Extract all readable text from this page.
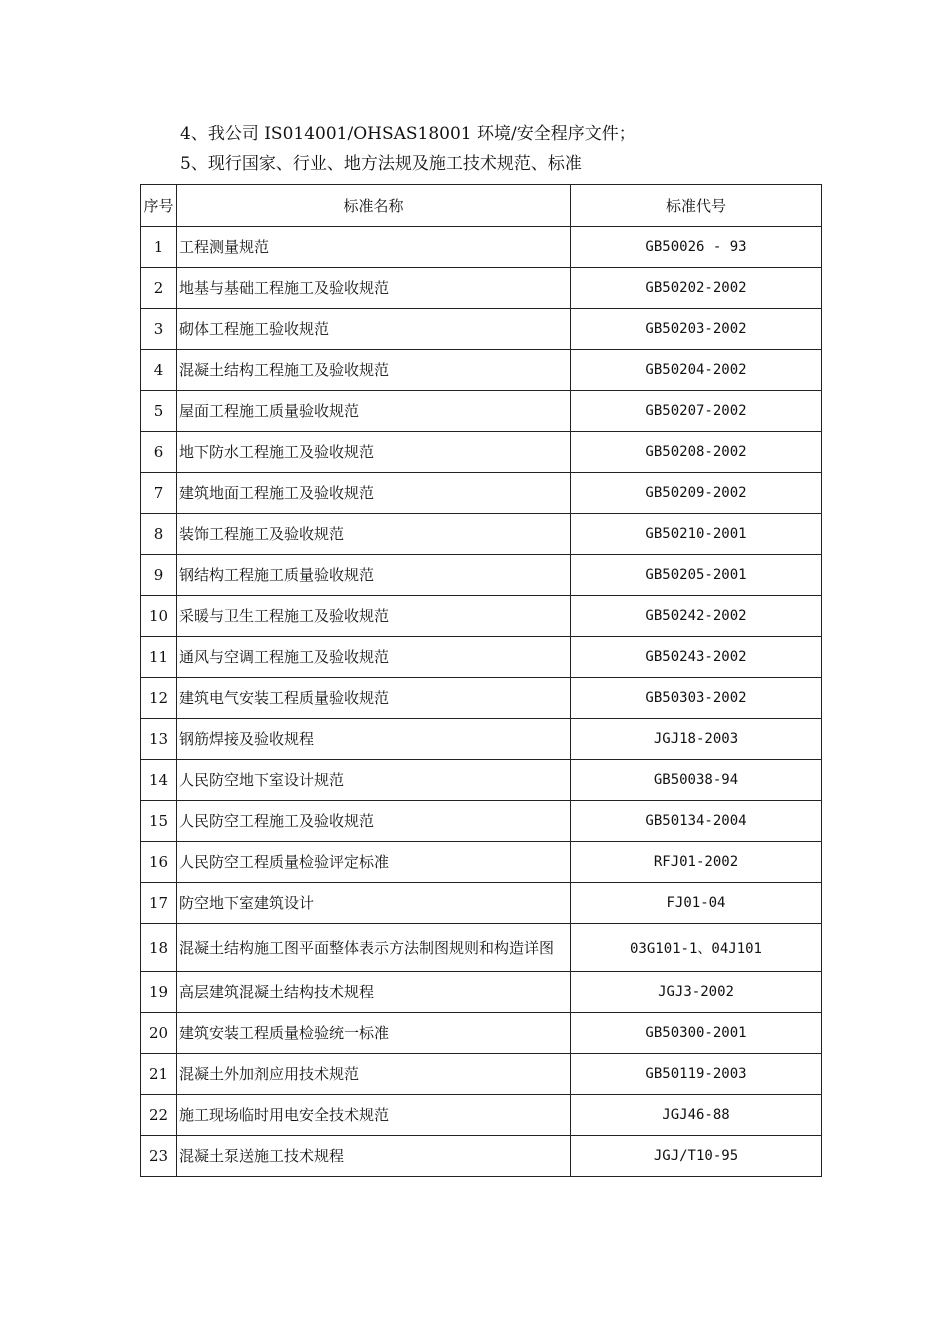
4、我公司 IS014001/OHSAS18001 环境/安全程序文件；
5、现行国家、行业、地方法规及施工技术规范、标准
序号	标准名称	标准代号
1	工程测量规范	GB50026 - 93
2	地基与基础工程施工及验收规范	GB50202-2002
3	砌体工程施工验收规范	GB50203-2002
4	混凝土结构工程施工及验收规范	GB50204-2002
5	屋面工程施工质量验收规范	GB50207-2002
6	地下防水工程施工及验收规范	GB50208-2002
7	建筑地面工程施工及验收规范	GB50209-2002
8	装饰工程施工及验收规范	GB50210-2001
9	钢结构工程施工质量验收规范	GB50205-2001
10	采暖与卫生工程施工及验收规范	GB50242-2002
11	通风与空调工程施工及验收规范	GB50243-2002
12	建筑电气安装工程质量验收规范	GB50303-2002
13	钢筋焊接及验收规程	JGJ18-2003
14	人民防空地下室设计规范	GB50038-94
15	人民防空工程施工及验收规范	GB50134-2004
16	人民防空工程质量检验评定标准	RFJ01-2002
17	防空地下室建筑设计	FJ01-04
18	混凝土结构施工图平面整体表示方法制图规则和构造详图	03G101-1、04J101
19	高层建筑混凝土结构技术规程	JGJ3-2002
20	建筑安装工程质量检验统一标准	GB50300-2001
21	混凝土外加剂应用技术规范	GB50119-2003
22	施工现场临时用电安全技术规范	JGJ46-88
23	混凝土泵送施工技术规程	JGJ/T10-95
